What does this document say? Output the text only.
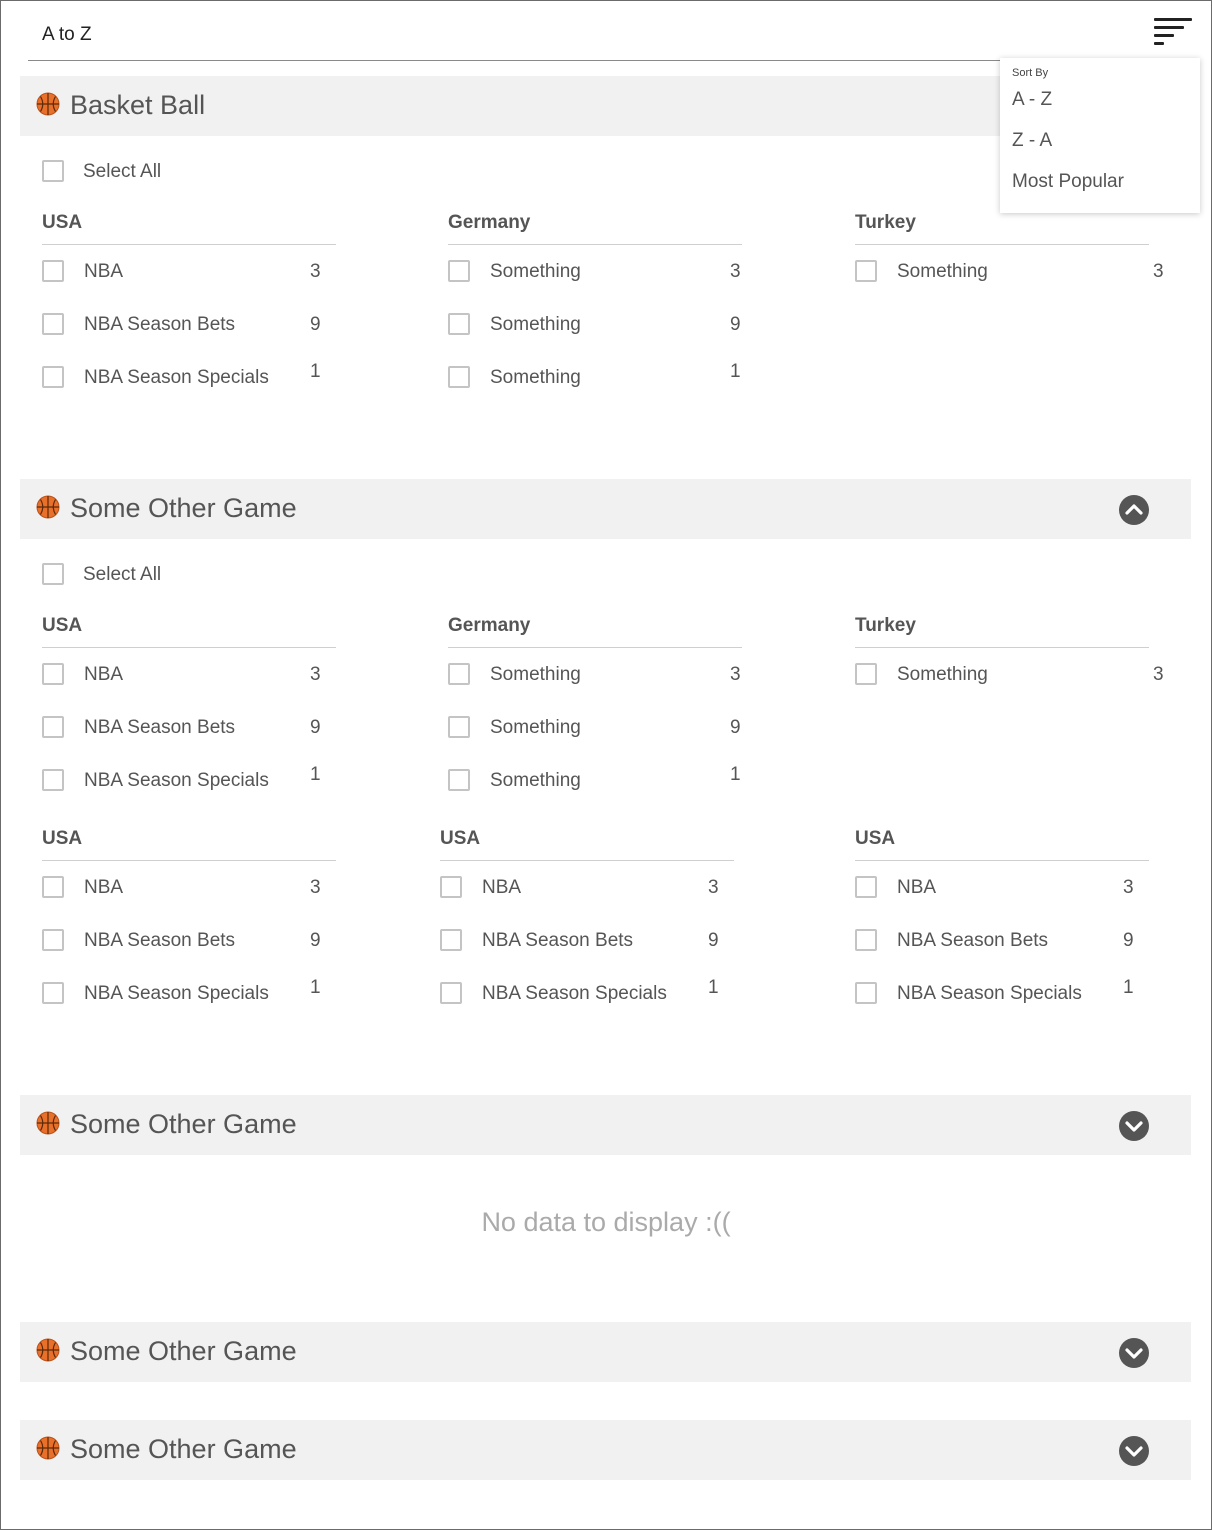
A to Z
Sort By
A - Z
Z - A
Most Popular
Basket Ball
Select All
USA
NBA	3
NBA Season Bets	9
NBA Season Specials 1
Germany
Something	3
Something	9
Something	1
Turkey
Something	3
Some Other Game
Select All
USA
NBA	3
NBA Season Bets	9
NBA Season Specials 1
Germany
Something	3
Something	9
Something	1
Turkey
Something	3
USA
NBA	3
NBA Season Bets	9
NBA Season Specials 1
USA
NBA	3
NBA Season Bets	9
NBA Season Specials 1
USA
NBA	3
NBA Season Bets	9
NBA Season Specials 1
Some Other Game
No data to display :((
Some Other Game
Some Other Game
